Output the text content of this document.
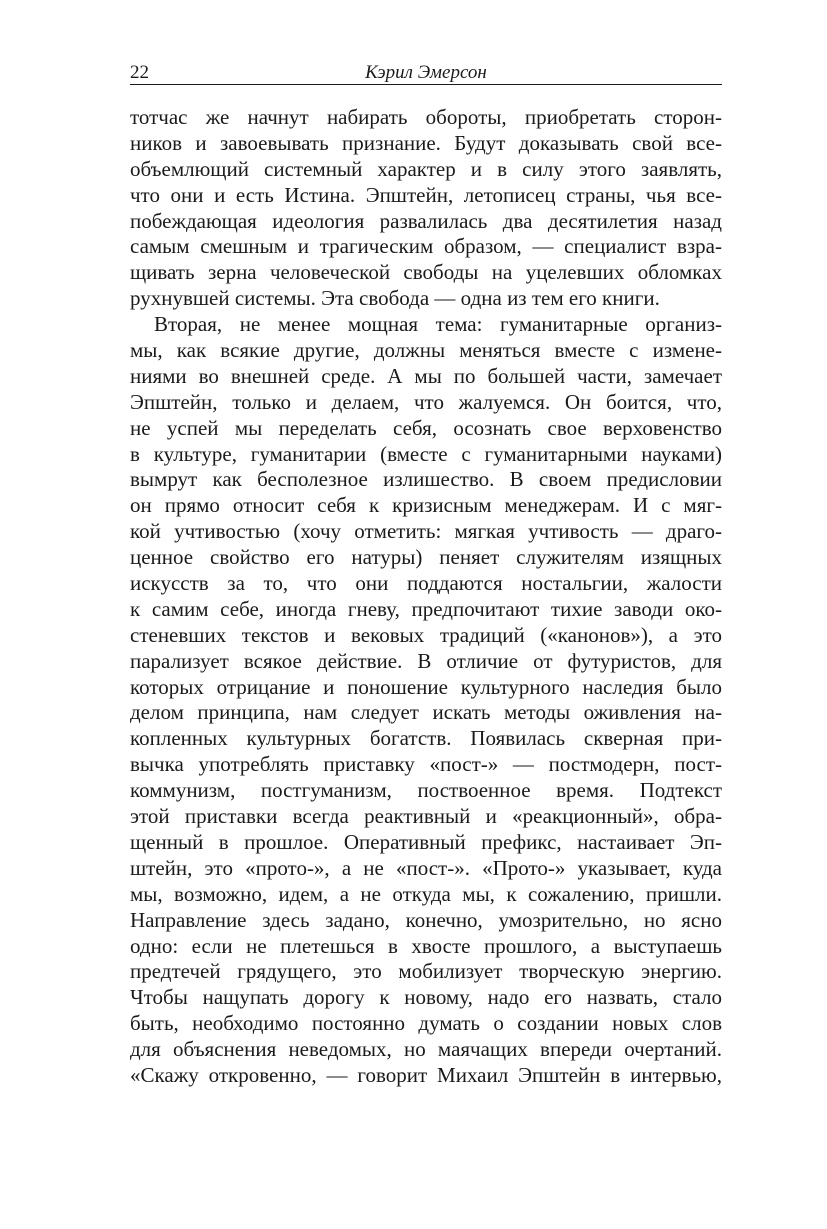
22	Кэрил Эмерсон
тотчас же начнут набирать обороты, приобретать сторон-
ников и завоевывать признание. Будут доказывать свой все-
объемлющий системный характер и в силу этого заявлять,
что они и есть Истина. Эпштейн, летописец страны, чья все-
побеждающая идеология развалилась два десятилетия назад
самым смешным и трагическим образом, — специалист взра-
щивать зерна человеческой свободы на уцелевших обломках
рухнувшей системы. Эта свобода — одна из тем его книги.
Вторая, не менее мощная тема: гуманитарные организ-
мы, как всякие другие, должны меняться вместе с измене-
ниями во внешней среде. А мы по большей части, замечает
Эпштейн, только и делаем, что жалуемся. Он боится, что,
не успей мы переделать себя, осознать свое верховенство
в культуре, гуманитарии (вместе с гуманитарными науками)
вымрут как бесполезное излишество. В своем предисловии
он прямо относит себя к кризисным менеджерам. И с мяг-
кой учтивостью (хочу отметить: мягкая учтивость — драго-
ценное свойство его натуры) пеняет служителям изящных
искусств за то, что они поддаются ностальгии, жалости
к самим себе, иногда гневу, предпочитают тихие заводи око-
стеневших текстов и вековых традиций («канонов»), а это
парализует всякое действие. В отличие от футуристов, для
которых отрицание и поношение культурного наследия было
делом принципа, нам следует искать методы оживления на-
копленных культурных богатств. Появилась скверная при-
вычка употреблять приставку «пост-» — постмодерн, пост-
коммунизм, постгуманизм, поствоенное время. Подтекст
этой приставки всегда реактивный и «реакционный», обра-
щенный в прошлое. Оперативный префикс, настаивает Эп-
штейн, это «прото-», а не «пост-». «Прото-» указывает, куда
мы, возможно, идем, а не откуда мы, к сожалению, пришли.
Направление здесь задано, конечно, умозрительно, но ясно
одно: если не плетешься в хвосте прошлого, а выступаешь
предтечей грядущего, это мобилизует творческую энергию.
Чтобы нащупать дорогу к новому, надо его назвать, стало
быть, необходимо постоянно думать о создании новых слов
для объяснения неведомых, но маячащих впереди очертаний.
«Скажу откровенно, — говорит Михаил Эпштейн в интервью,
